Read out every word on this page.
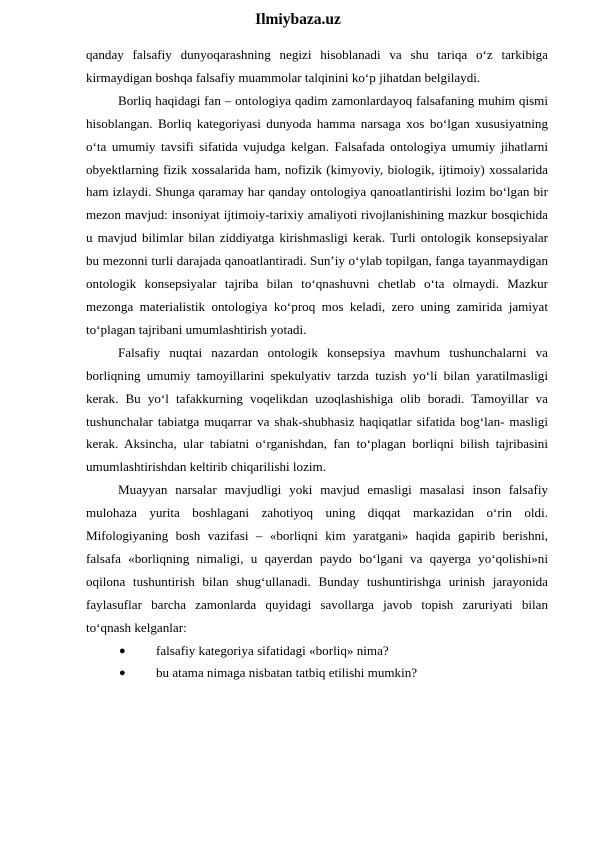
Ilmiybaza.uz

qanday falsafiy dunyoqarashning negizi hisoblanadi va shu tariqa o‘z tarkibiga kirmaydigan boshqa falsafiy muammolar talqinini ko‘p jihatdan belgilaydi.

Borliq haqidagi fan – ontologiya qadim zamonlardayoq falsafaning muhim qismi hisoblangan. Borliq kategoriyasi dunyoda hamma narsaga xos bo‘lgan xususiyatning o‘ta umumiy tavsifi sifatida vujudga kelgan. Falsafada ontologiya umumiy jihatlarni obyektlarning fizik xossalarida ham, nofizik (kimyoviy, biologik, ijtimoiy) xossalarida ham izlaydi. Shunga qaramay har qanday ontologiya qanoatlantirishi lozim bo‘lgan bir mezon mavjud: insoniyat ijtimoiy-tarixiy amaliyoti rivojlanishining mazkur bosqichida u mavjud bilimlar bilan ziddiyatga kirishmasligi kerak. Turli ontologik konsepsiyalar bu mezonni turli darajada qanoatlantiradi. Sun’iy o‘ylab topilgan, fanga tayanmaydigan ontologik konsepsiyalar tajriba bilan to‘qnashuvni chetlab o‘ta olmaydi. Mazkur mezonga materialistik ontologiya ko‘proq mos keladi, zero uning zamirida jamiyat to‘plagan tajribani umumlashtirish yotadi.

Falsafiy nuqtai nazardan ontologik konsepsiya mavhum tushunchalarni va borliqning umumiy tamoyillarini spekulyativ tarzda tuzish yo‘li bilan yaratilmasligi kerak. Bu yo‘l tafakkurning voqelikdan uzoqlashishiga olib boradi. Tamoyillar va tushunchalar tabiatga muqarrar va shak-shubhasiz haqiqatlar sifatida bog‘lan- masligi kerak. Aksincha, ular tabiatni o‘rganishdan, fan to‘plagan borliqni bilish tajribasini umumlashtirishdan keltirib chiqarilishi lozim.

Muayyan narsalar mavjudligi yoki mavjud emasligi masalasi inson falsafiy mulohaza yurita boshlagani zahotiyoq uning diqqat markazidan o‘rin oldi. Mifologiyaning bosh vazifasi – «borliqni kim yaratgani» haqida gapirib berishni, falsafa «borliqning nimaligi, u qayerdan paydo bo‘lgani va qayerga yo‘qolishi»ni oqilona tushuntirish bilan shug‘ullanadi. Bunday tushuntirishga urinish jarayonida faylasuflar barcha zamonlarda quyidagi savollarga javob topish zaruriyati bilan to‘qnash kelganlar:

● falsafiy kategoriya sifatidagi «borliq» nima?
● bu atama nimaga nisbatan tatbiq etilishi mumkin?
